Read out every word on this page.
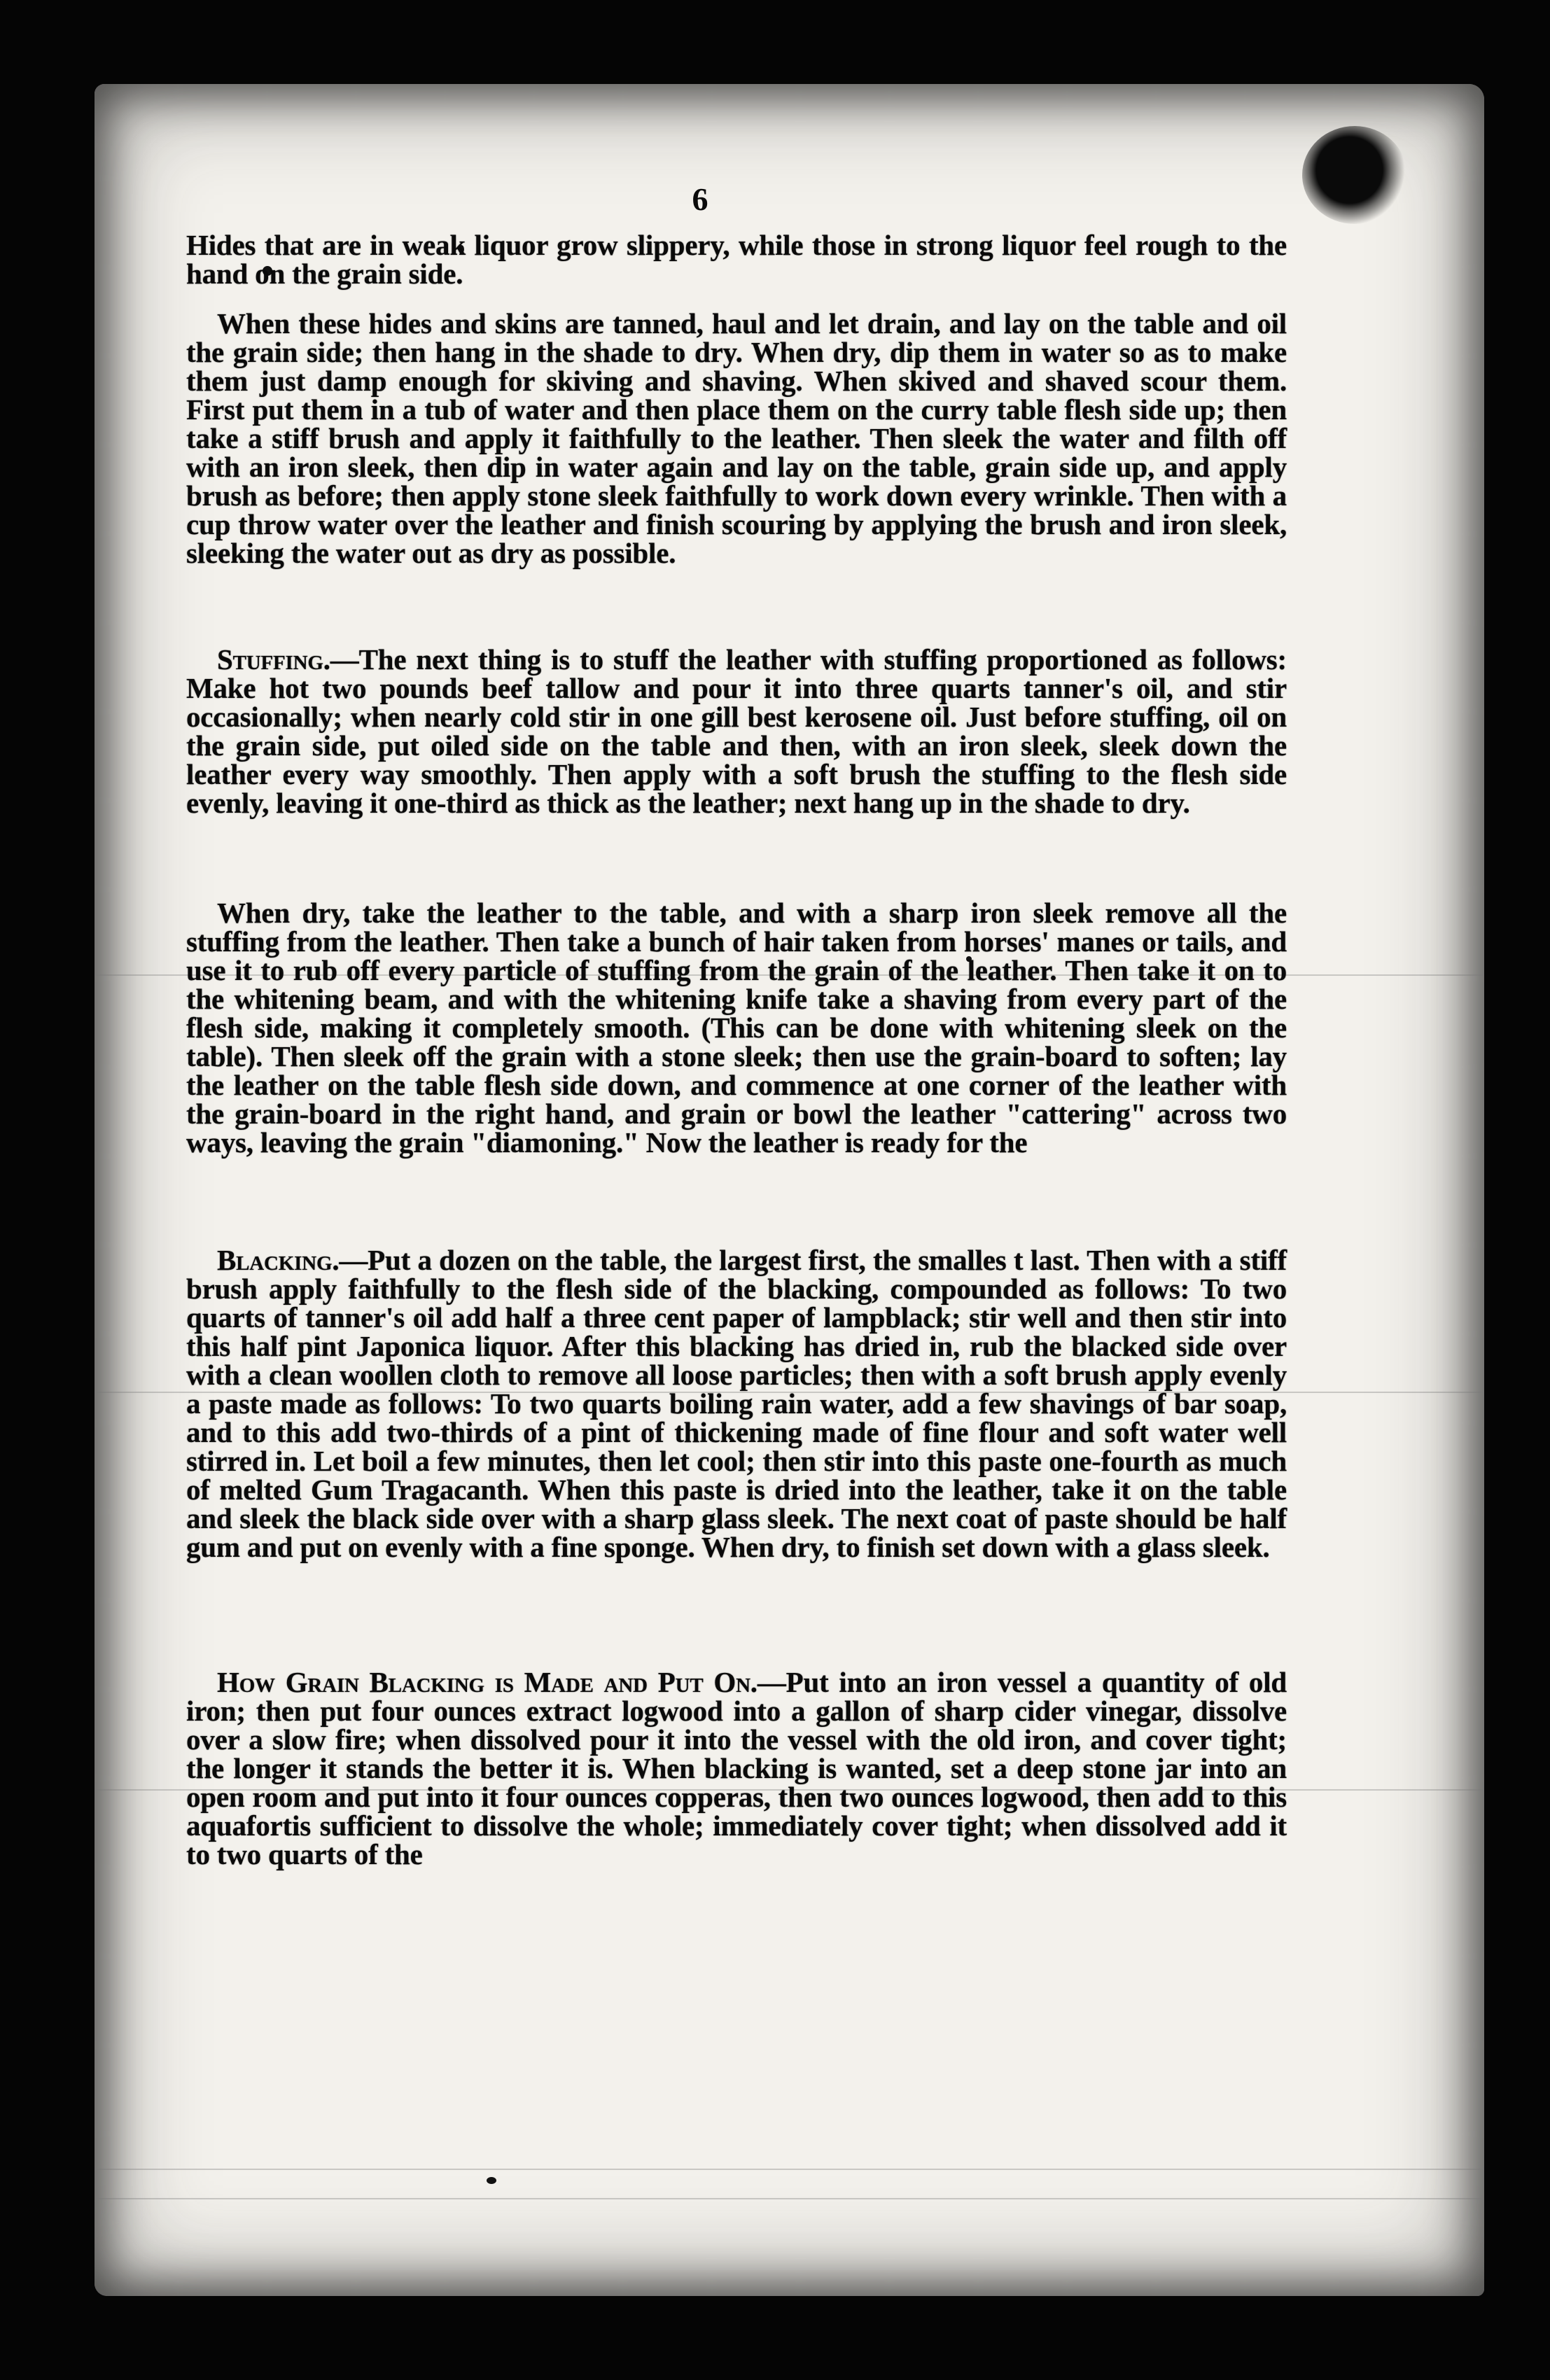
6

Hides that are in weak liquor grow slippery, while those in strong liquor feel rough to the hand on the grain side.

When these hides and skins are tanned, haul and let drain, and lay on the table and oil the grain side; then hang in the shade to dry. When dry, dip them in water so as to make them just damp enough for skiving and shaving. When skived and shaved scour them. First put them in a tub of water and then place them on the curry table flesh side up; then take a stiff brush and apply it faithfully to the leather. Then sleek the water and filth off with an iron sleek, then dip in water again and lay on the table, grain side up, and apply brush as before; then apply stone sleek faithfully to work down every wrinkle. Then with a cup throw water over the leather and finish scouring by applying the brush and iron sleek, sleeking the water out as dry as possible.

Stuffing.—The next thing is to stuff the leather with stuffing proportioned as follows: Make hot two pounds beef tallow and pour it into three quarts tanner's oil, and stir occasionally; when nearly cold stir in one gill best kerosene oil. Just before stuffing, oil on the grain side, put oiled side on the table and then, with an iron sleek, sleek down the leather every way smoothly. Then apply with a soft brush the stuffing to the flesh side evenly, leaving it one-third as thick as the leather; next hang up in the shade to dry.

When dry, take the leather to the table, and with a sharp iron sleek remove all the stuffing from the leather. Then take a bunch of hair taken from horses' manes or tails, and use it to rub off every particle of stuffing from the grain of the leather. Then take it on to the whitening beam, and with the whitening knife take a shaving from every part of the flesh side, making it completely smooth. (This can be done with whitening sleek on the table). Then sleek off the grain with a stone sleek; then use the grain-board to soften; lay the leather on the table flesh side down, and commence at one corner of the leather with the grain-board in the right hand, and grain or bowl the leather "cattering" across two ways, leaving the grain "diamoning." Now the leather is ready for the

Blacking.—Put a dozen on the table, the largest first, the smalles t last. Then with a stiff brush apply faithfully to the flesh side of the blacking, compounded as follows: To two quarts of tanner's oil add half a three cent paper of lampblack; stir well and then stir into this half pint Japonica liquor. After this blacking has dried in, rub the blacked side over with a clean woollen cloth to remove all loose particles; then with a soft brush apply evenly a paste made as follows: To two quarts boiling rain water, add a few shavings of bar soap, and to this add two-thirds of a pint of thickening made of fine flour and soft water well stirred in. Let boil a few minutes, then let cool; then stir into this paste one-fourth as much of melted Gum Tragacanth. When this paste is dried into the leather, take it on the table and sleek the black side over with a sharp glass sleek. The next coat of paste should be half gum and put on evenly with a fine sponge. When dry, to finish set down with a glass sleek.

How Grain Blacking is Made and Put On.—Put into an iron vessel a quantity of old iron; then put four ounces extract logwood into a gallon of sharp cider vinegar, dissolve over a slow fire; when dissolved pour it into the vessel with the old iron, and cover tight; the longer it stands the better it is. When blacking is wanted, set a deep stone jar into an open room and put into it four ounces copperas, then two ounces logwood, then add to this aquafortis sufficient to dissolve the whole; immediately cover tight; when dissolved add it to two quarts of the
